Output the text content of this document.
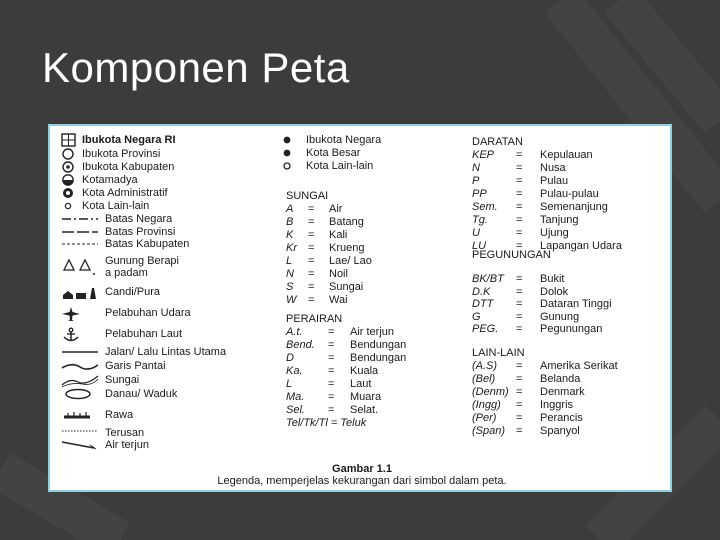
Komponen Peta
Ibukota Negara RI
Ibukota Provinsi
Ibukota Kabupaten
Kotamadya
Kota Administratif
Kota Lain-lain
Batas Negara
Batas Provinsi
Batas Kabupaten
Gunung Berapi
a padam
Candi/Pura
Pelabuhan Udara
Pelabuhan Laut
Jalan/ Lalu Lintas Utama
Garis Pantai
Sungai
Danau/ Waduk
Rawa
Terusan
Air terjun
Ibukota Negara
Kota Besar
Kota Lain-lain
SUNGAI
A = Air
B = Batang
K = Kali
Kr = Krueng
L = Lae/ Lao
N = Noil
S = Sungai
W = Wai
PERAIRAN
A.t. = Air terjun
Bend. = Bendungan
D	= Bendungan
Ka. = Kuala
L	= Laut
Ma. = Muara
Sel. = Selat.
Tel/Tk/Tl = Teluk
DARATAN
KEP = Kepulauan
N	= Nusa
P	= Pulau
PP	= Pulau-pulau
Sem. = Semenanjung
Tg.	= Tanjung
U	= Ujung
LU	= Lapangan Udara
PEGUNUNGAN
BK/BT = Bukit
D.K = Dolok
DTT = Dataran Tinggi
G	= Gunung
PEG. = Pegunungan
LAIN-LAIN
(A.S) = Amerika Serikat
(Bel) = Belanda
(Denm) = Denmark
(Ingg) = Inggris
(Per) = Perancis
(Span) = Spanyol
Gambar 1.1
Legenda, memperjelas kekurangan dari simbol dalam peta.
